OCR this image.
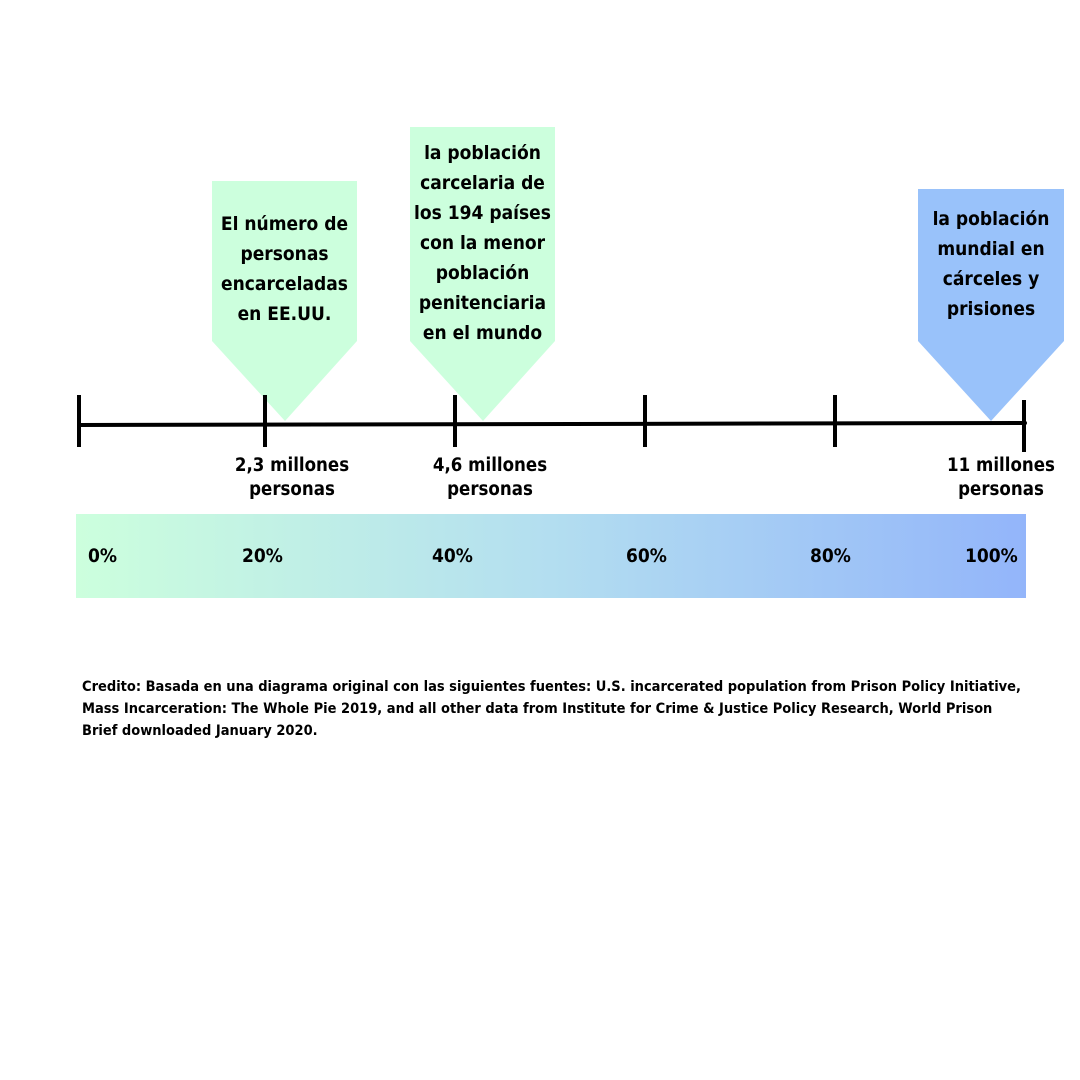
El número de
personas
encarceladas
en EE.UU.
la población
carcelaria de
los 194 países
con la menor
población
penitenciaria
en el mundo
la población
mundial en
cárceles y
prisiones
2,3 millones
personas
4,6 millones
personas
11 millones
personas
0%	20%	40%	60%	80%	100%
Credito: Basada en una diagrama original con las siguientes fuentes: U.S. incarcerated population from Prison Policy Initiative, Mass Incarceration: The Whole Pie 2019, and all other data from Institute for Crime & Justice Policy Research, World Prison Brief downloaded January 2020.
